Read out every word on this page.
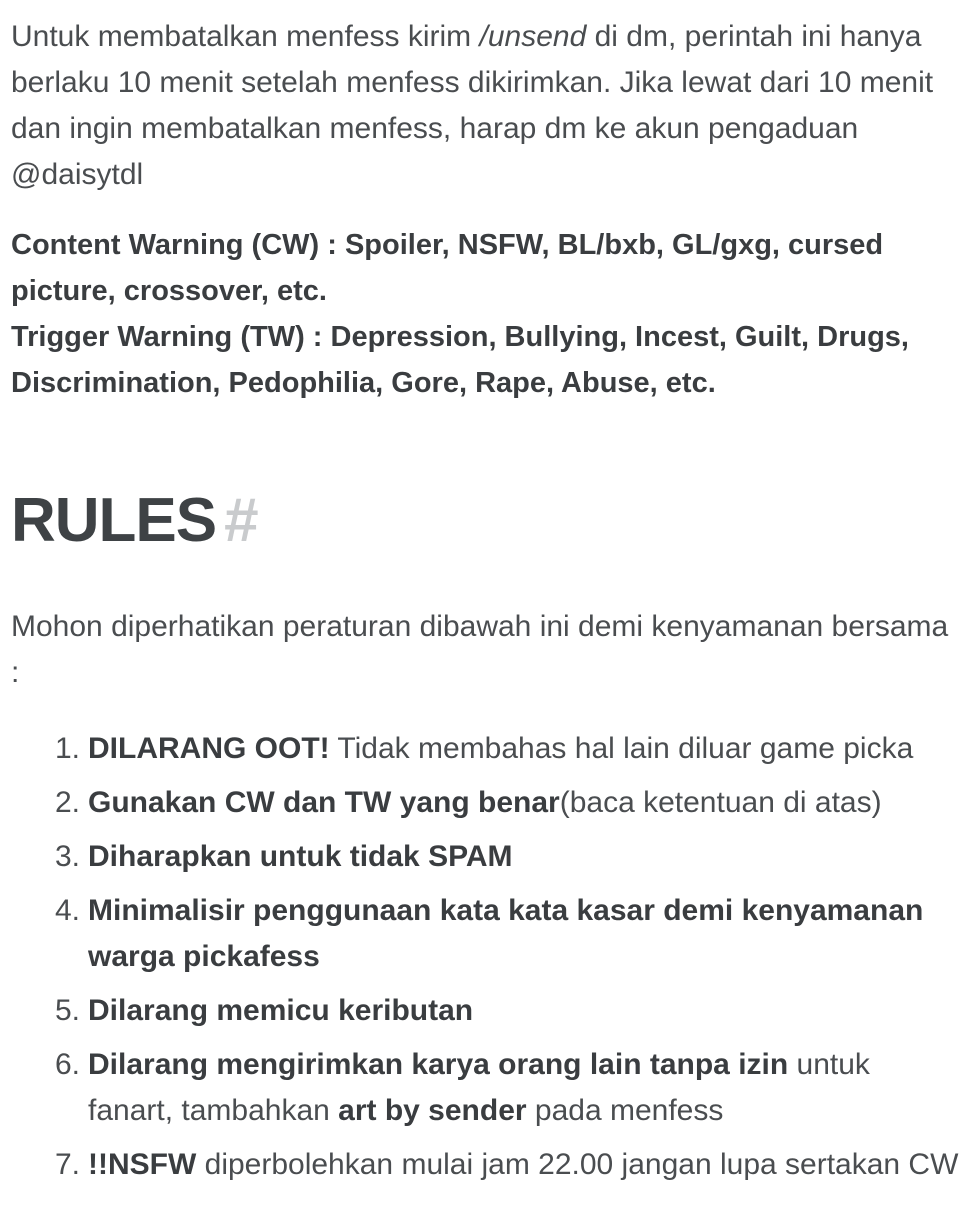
Untuk membatalkan menfess kirim /unsend di dm, perintah ini hanya berlaku 10 menit setelah menfess dikirimkan. Jika lewat dari 10 menit dan ingin membatalkan menfess, harap dm ke akun pengaduan @daisytdl

Content Warning (CW) : Spoiler, NSFW, BL/bxb, GL/gxg, cursed picture, crossover, etc.
Trigger Warning (TW) : Depression, Bullying, Incest, Guilt, Drugs, Discrimination, Pedophilia, Gore, Rape, Abuse, etc.

RULES #

Mohon diperhatikan peraturan dibawah ini demi kenyamanan bersama :

1. DILARANG OOT! Tidak membahas hal lain diluar game picka
2. Gunakan CW dan TW yang benar(baca ketentuan di atas)
3. Diharapkan untuk tidak SPAM
4. Minimalisir penggunaan kata kata kasar demi kenyamanan warga pickafess
5. Dilarang memicu keributan
6. Dilarang mengirimkan karya orang lain tanpa izin untuk fanart, tambahkan art by sender pada menfess
7. !!NSFW diperbolehkan mulai jam 22.00 jangan lupa sertakan CW
